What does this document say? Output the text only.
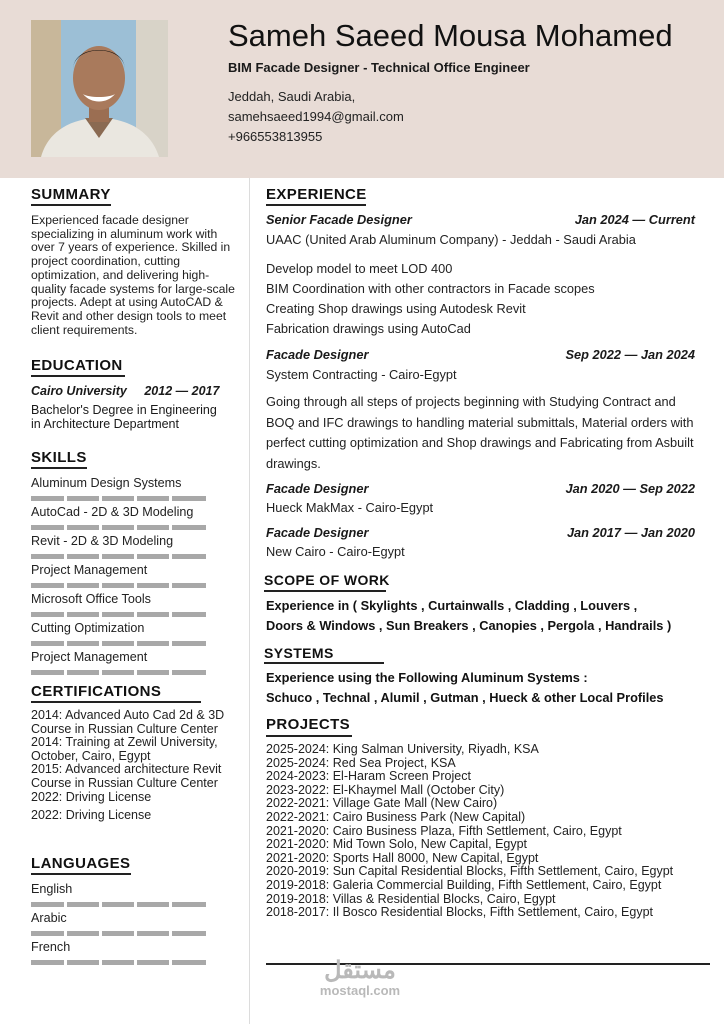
Sameh Saeed Mousa Mohamed
BIM Facade Designer - Technical Office Engineer
Jeddah, Saudi Arabia,
samehsaeed1994@gmail.com
+966553813955
SUMMARY
Experienced facade designer specializing in aluminum work with over 7 years of experience. Skilled in project coordination, cutting optimization, and delivering high-quality facade systems for large-scale projects. Adept at using AutoCAD & Revit and other design tools to meet client requirements.
EDUCATION
Cairo University 2012 — 2017
Bachelor's Degree in Engineering
in Architecture Department
SKILLS
Aluminum Design Systems
AutoCad - 2D & 3D Modeling
Revit - 2D & 3D Modeling
Project Management
Microsoft Office Tools
Cutting Optimization
Project Management
CERTIFICATIONS
2014: Advanced Auto Cad 2d & 3D Course in Russian Culture Center
2014: Training at Zewil University, October, Cairo, Egypt
2015: Advanced architecture Revit Course in Russian Culture Center
2022: Driving License
2022: Driving License
LANGUAGES
English
Arabic
French
EXPERIENCE
Senior Facade Designer	Jan 2024 — Current
UAAC (United Arab Aluminum Company) - Jeddah - Saudi Arabia
Develop model to meet LOD 400
BIM Coordination with other contractors in Facade scopes
Creating Shop drawings using Autodesk Revit
Fabrication drawings using AutoCad
Facade Designer	Sep 2022 — Jan 2024
System Contracting - Cairo-Egypt
Going through all steps of projects beginning with Studying Contract and BOQ and IFC drawings to handling material submittals, Material orders with perfect cutting optimization and Shop drawings and Fabricating from Asbuilt drawings.
Facade Designer	Jan 2020 — Sep 2022
Hueck MakMax - Cairo-Egypt
Facade Designer	Jan 2017 — Jan 2020
New Cairo - Cairo-Egypt
SCOPE OF WORK
Experience in ( Skylights , Curtainwalls , Cladding , Louvers ,
Doors & Windows , Sun Breakers , Canopies , Pergola , Handrails )
SYSTEMS
Experience using the Following Aluminum Systems :
Schuco , Technal , Alumil , Gutman , Hueck & other Local Profiles
PROJECTS
2025-2024: King Salman University, Riyadh, KSA
2025-2024: Red Sea Project, KSA
2024-2023: El-Haram Screen Project
2023-2022: El-Khaymel Mall (October City)
2022-2021: Village Gate Mall (New Cairo)
2022-2021: Cairo Business Park (New Capital)
2021-2020: Cairo Business Plaza, Fifth Settlement, Cairo, Egypt
2021-2020: Mid Town Solo, New Capital, Egypt
2021-2020: Sports Hall 8000, New Capital, Egypt
2020-2019: Sun Capital Residential Blocks, Fifth Settlement, Cairo, Egypt
2019-2018: Galeria Commercial Building, Fifth Settlement, Cairo, Egypt
2019-2018: Villas & Residential Blocks, Cairo, Egypt
2018-2017: Il Bosco Residential Blocks, Fifth Settlement, Cairo, Egypt
مستقل
mostaql.com
